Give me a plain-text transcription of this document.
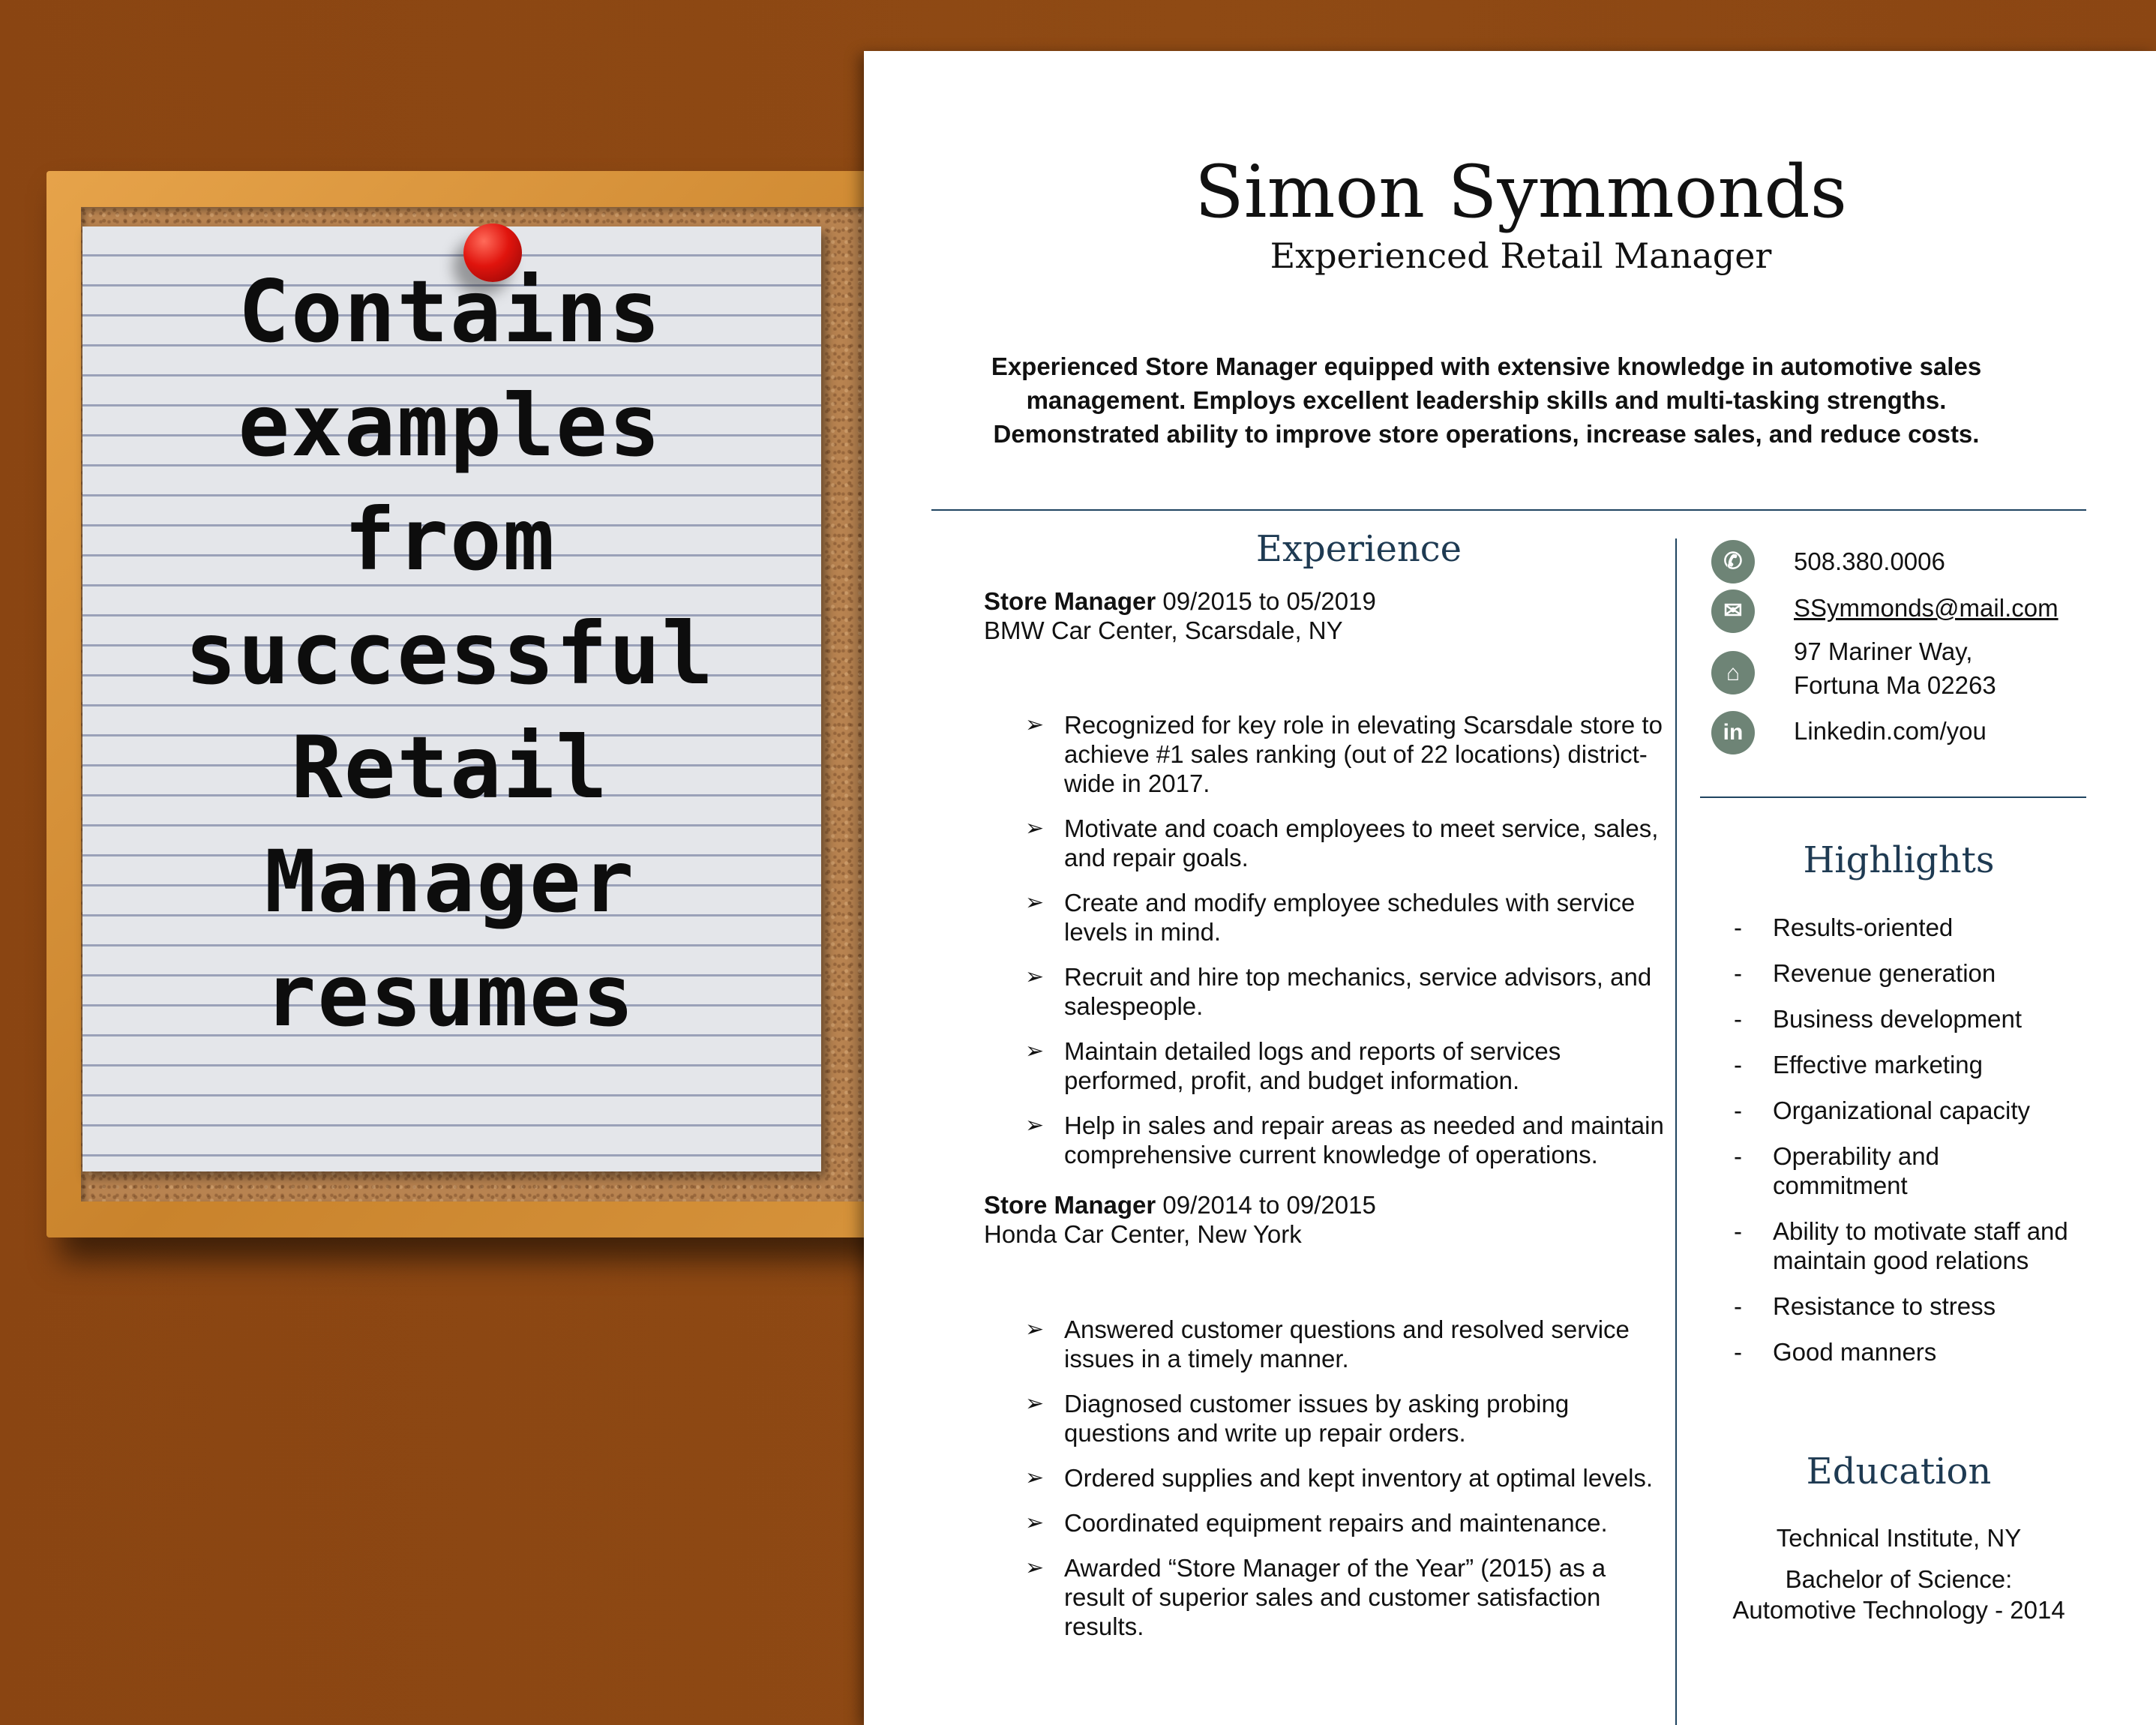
Contains
examples
from
successful
Retail
Manager
resumes
Simon Symmonds
Experienced Retail Manager
Experienced Store Manager equipped with extensive knowledge in automotive sales management. Employs excellent leadership skills and multi-tasking strengths. Demonstrated ability to improve store operations, increase sales, and reduce costs.
Experience
Store Manager 09/2015 to 05/2019
BMW Car Center, Scarsdale, NY
➢ Recognized for key role in elevating Scarsdale store to achieve #1 sales ranking (out of 22 locations) district-wide in 2017.
➢ Motivate and coach employees to meet service, sales, and repair goals.
➢ Create and modify employee schedules with service levels in mind.
➢ Recruit and hire top mechanics, service advisors, and salespeople.
➢ Maintain detailed logs and reports of services performed, profit, and budget information.
➢ Help in sales and repair areas as needed and maintain comprehensive current knowledge of operations.
Store Manager 09/2014 to 09/2015
Honda Car Center, New York
➢ Answered customer questions and resolved service issues in a timely manner.
➢ Diagnosed customer issues by asking probing questions and write up repair orders.
➢ Ordered supplies and kept inventory at optimal levels.
➢ Coordinated equipment repairs and maintenance.
➢ Awarded “Store Manager of the Year” (2015) as a result of superior sales and customer satisfaction results.
✆	508.380.0006
✉	SSymmonds@mail.com
⌂
97 Mariner Way,
Fortuna Ma 02263
in	Linkedin.com/you
Highlights
- Results-oriented
- Revenue generation
- Business development
- Effective marketing
- Organizational capacity
- Operability and commitment
- Ability to motivate staff and maintain good relations
- Resistance to stress
- Good manners
Education
Technical Institute, NY
Bachelor of Science:
Automotive Technology - 2014
